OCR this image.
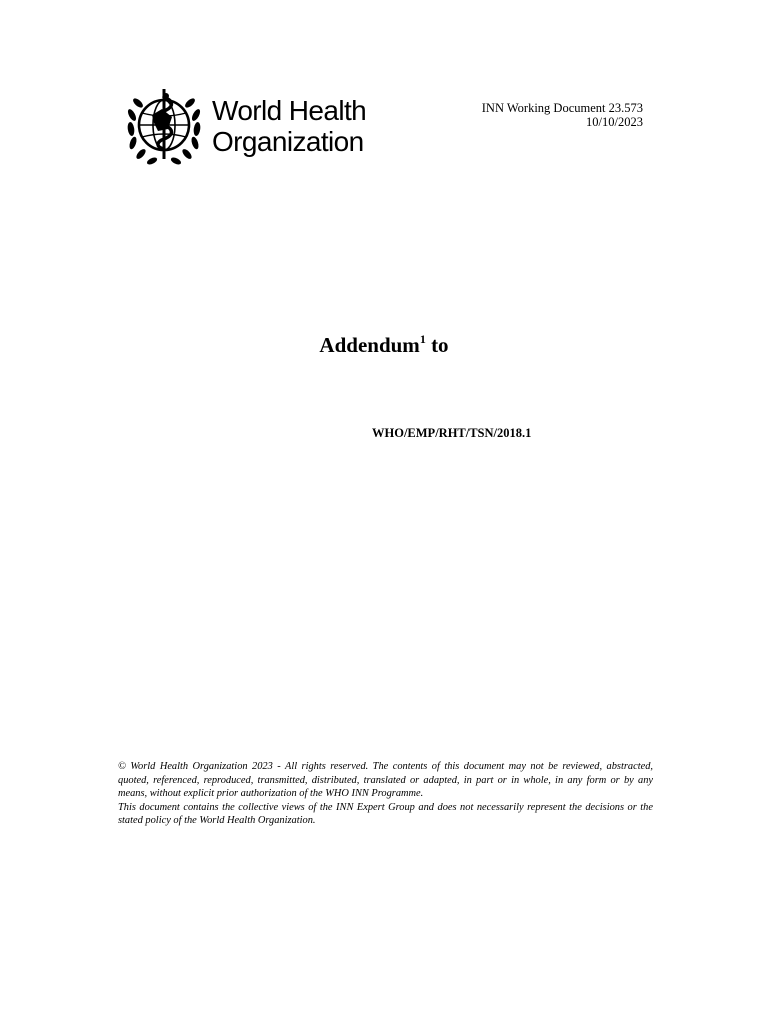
World Health
Organization
INN Working Document 23.573
10/10/2023
Addendum$^1$ to
WHO/EMP/RHT/TSN/2018.1

© World Health Organization 2023 - All rights reserved. The contents of this document may not be reviewed, abstracted, quoted, referenced, reproduced, transmitted, distributed, translated or adapted, in part or in whole, in any form or by any means, without explicit prior authorization of the WHO INN Programme.

This document contains the collective views of the INN Expert Group and does not necessarily represent the decisions or the stated policy of the World Health Organization.
